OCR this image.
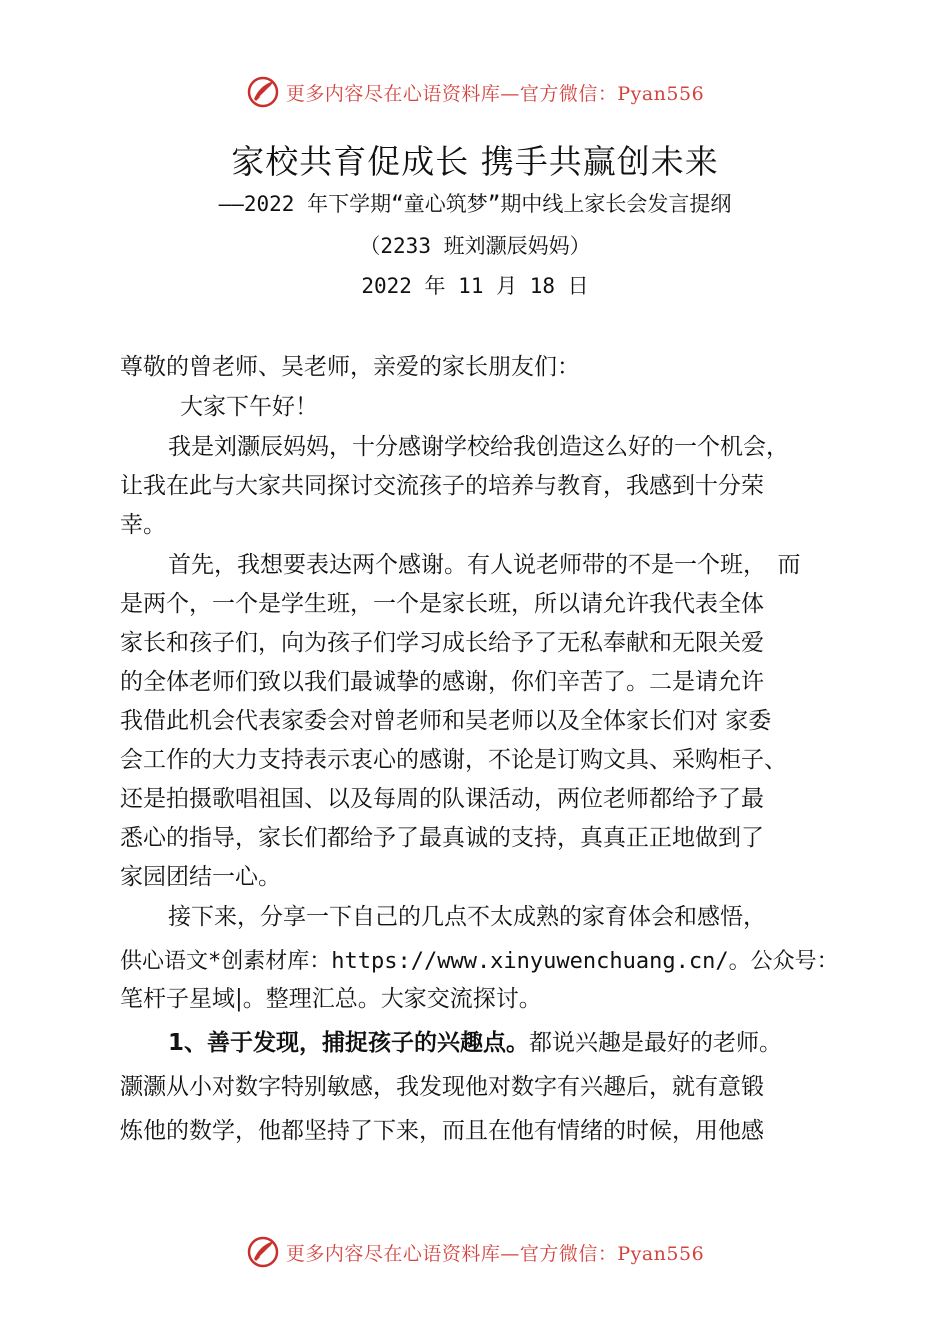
更多内容尽在心语资料库—官方微信：Pyan556
家校共育促成长 携手共赢创未来
——2022 年下学期“童心筑梦”期中线上家长会发言提纲
（2233 班刘灏辰妈妈）
2022 年 11 月 18 日
尊敬的曾老师、吴老师，亲爱的家长朋友们：
大家下午好！
我是刘灏辰妈妈，十分感谢学校给我创造这么好的一个机会，
让我在此与大家共同探讨交流孩子的培养与教育，我感到十分荣
幸。
首先，我想要表达两个感谢。有人说老师带的不是一个班，　而
是两个，一个是学生班，一个是家长班，所以请允许我代表全体
家长和孩子们，向为孩子们学习成长给予了无私奉献和无限关爱
的全体老师们致以我们最诚挚的感谢，你们辛苦了。二是请允许
我借此机会代表家委会对曾老师和吴老师以及全体家长们对 家委
会工作的大力支持表示衷心的感谢，不论是订购文具、采购柜子、
还是拍摄歌唱祖国、以及每周的队课活动，两位老师都给予了最
悉心的指导，家长们都给予了最真诚的支持，真真正正地做到了
家园团结一心。
接下来，分享一下自己的几点不太成熟的家育体会和感悟，
供心语文*创素材库：https://www.xinyuwenchuang.cn/。公众号：
笔杆子星域|。整理汇总。大家交流探讨。
1、善于发现，捕捉孩子的兴趣点。都说兴趣是最好的老师。
灏灏从小对数字特别敏感，我发现他对数字有兴趣后，就有意锻
炼他的数学，他都坚持了下来，而且在他有情绪的时候，用他感
更多内容尽在心语资料库—官方微信：Pyan556
